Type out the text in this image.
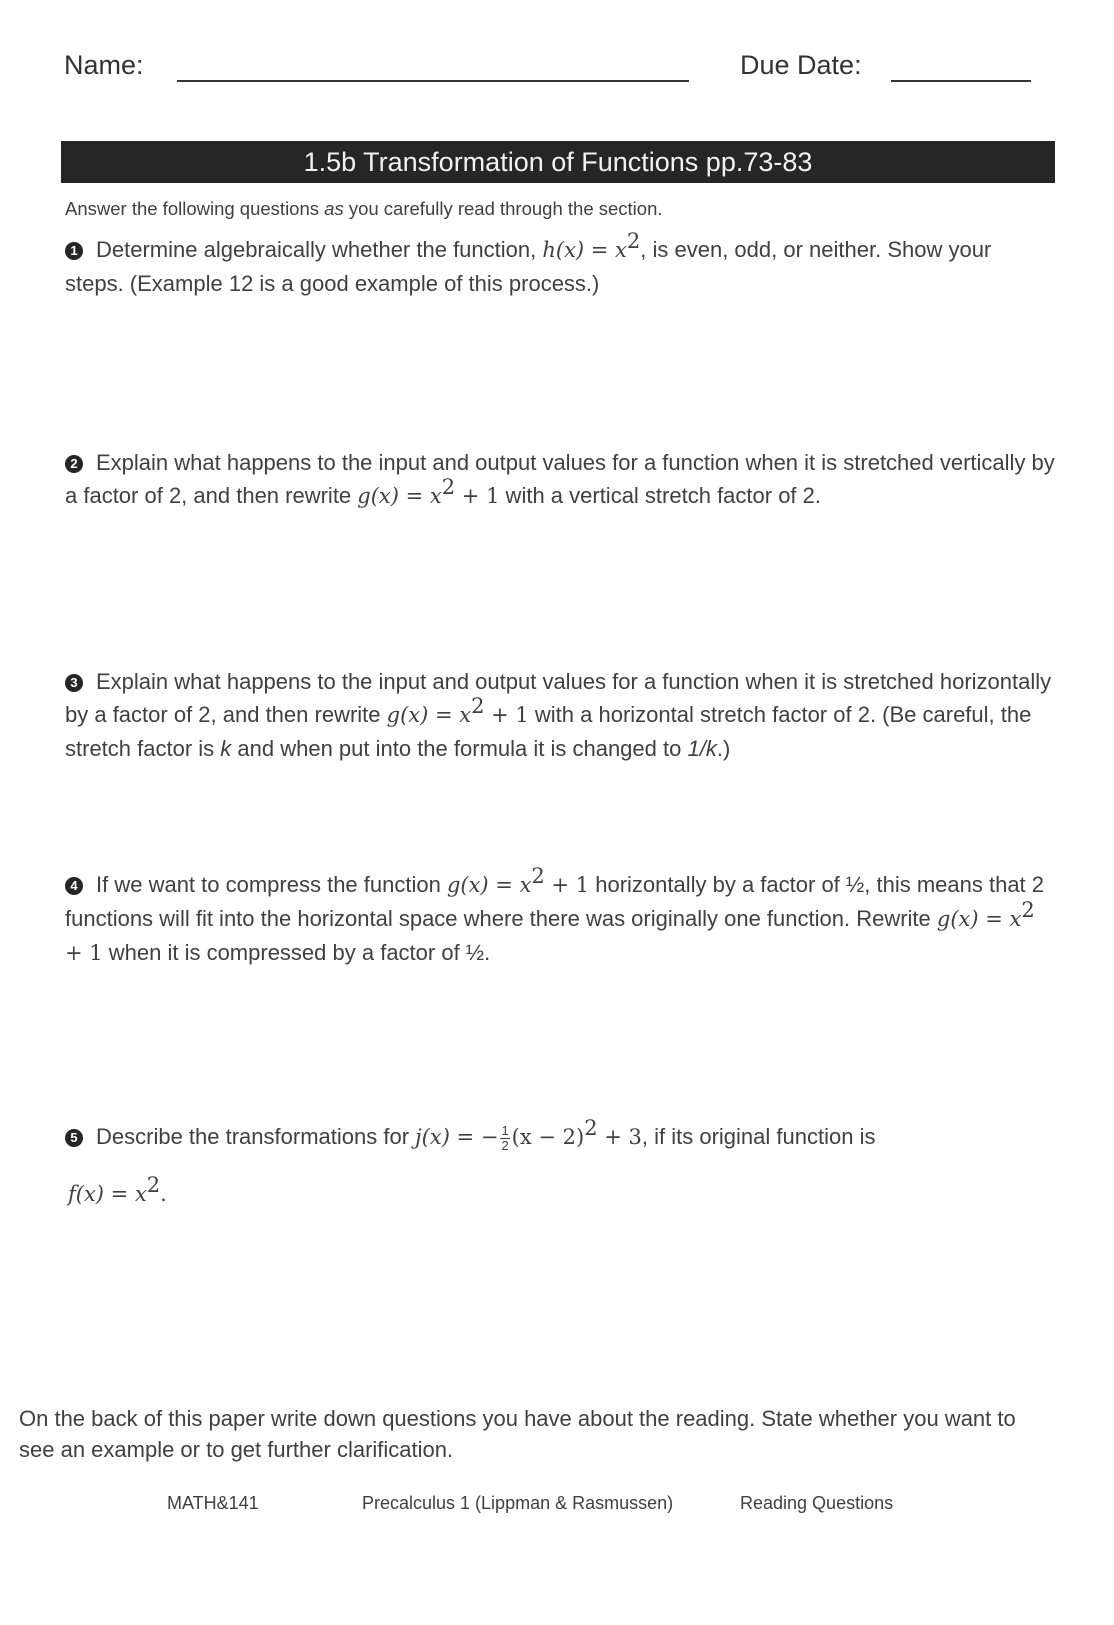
Name:	Due Date:
1.5b Transformation of Functions pp.73-83
Answer the following questions as you carefully read through the section.
1 Determine algebraically whether the function, $h(x) = x^2$, is even, odd, or neither. Show your steps. (Example 12 is a good example of this process.)
2 Explain what happens to the input and output values for a function when it is stretched vertically by a factor of 2, and then rewrite $g(x) = x^2 + 1$ with a vertical stretch factor of 2.
3 Explain what happens to the input and output values for a function when it is stretched horizontally by a factor of 2, and then rewrite $g(x) = x^2 + 1$ with a horizontal stretch factor of 2. (Be careful, the stretch factor is k and when put into the formula it is changed to 1/k.)
4 If we want to compress the function $g(x) = x^2 + 1$ horizontally by a factor of ½, this means that 2 functions will fit into the horizontal space where there was originally one function. Rewrite $g(x) = x^2 + 1$ when it is compressed by a factor of ½.
5 Describe the transformations for j(x) = − $\frac{1}{2} (x - 2)^2 + 3$, if its original function is
$f(x) = x^2$.
On the back of this paper write down questions you have about the reading. State whether you want to see an example or to get further clarification.
MATH&141	Precalculus 1 (Lippman & Rasmussen)	Reading Questions
